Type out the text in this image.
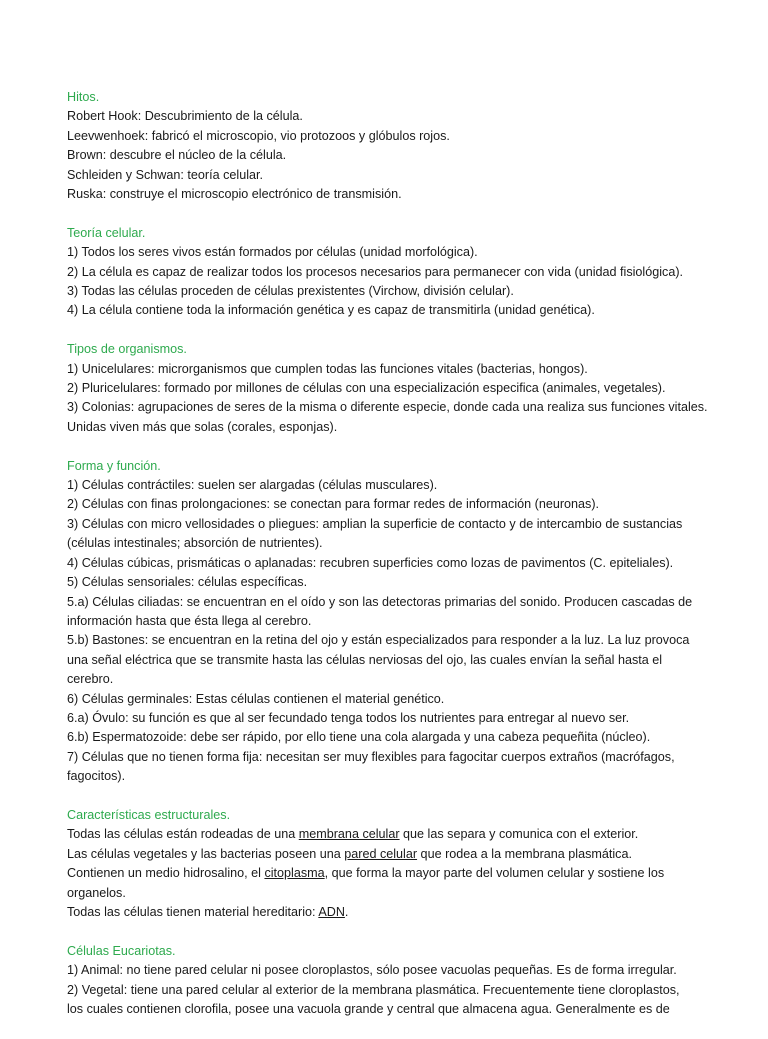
Hitos.

Robert Hook: Descubrimiento de la célula.

Leevwenhoek: fabricó el microscopio, vio protozoos y glóbulos rojos.

Brown: descubre el núcleo de la célula.

Schleiden y Schwan: teoría celular.

Ruska: construye el microscopio electrónico de transmisión.

Teoría celular.

1) Todos los seres vivos están formados por células (unidad morfológica).

2) La célula es capaz de realizar todos los procesos necesarios para permanecer con vida (unidad fisiológica).

3) Todas las células proceden de células prexistentes (Virchow, división celular).

4) La célula contiene toda la información genética y es capaz de transmitirla (unidad genética).

Tipos de organismos.

1) Unicelulares: microrganismos que cumplen todas las funciones vitales (bacterias, hongos).

2) Pluricelulares: formado por millones de células con una especialización especifica (animales, vegetales).

3) Colonias: agrupaciones de seres de la misma o diferente especie, donde cada una realiza sus funciones vitales.

Unidas viven más que solas (corales, esponjas).

Forma y función.

1) Células contráctiles: suelen ser alargadas (células musculares).

2) Células con finas prolongaciones: se conectan para formar redes de información (neuronas).

3) Células con micro vellosidades o pliegues: amplian la superficie de contacto y de intercambio de sustancias

(células intestinales; absorción de nutrientes).

4) Células cúbicas, prismáticas o aplanadas: recubren superficies como lozas de pavimentos (C. epiteliales).

5) Células sensoriales: células específicas.

5.a) Células ciliadas: se encuentran en el oído y son las detectoras primarias del sonido. Producen cascadas de

información hasta que ésta llega al cerebro.

5.b) Bastones: se encuentran en la retina del ojo y están especializados para responder a la luz. La luz provoca

una señal eléctrica que se transmite hasta las células nerviosas del ojo, las cuales envían la señal hasta el

cerebro.

6) Células germinales: Estas células contienen el material genético.

6.a) Óvulo: su función es que al ser fecundado tenga todos los nutrientes para entregar al nuevo ser.

6.b) Espermatozoide: debe ser rápido, por ello tiene una cola alargada y una cabeza pequeñita (núcleo).

7) Células que no tienen forma fija: necesitan ser muy flexibles para fagocitar cuerpos extraños (macrófagos,

fagocitos).

Características estructurales.

Todas las células están rodeadas de una membrana celular que las separa y comunica con el exterior.

Las células vegetales y las bacterias poseen una pared celular que rodea a la membrana plasmática.

Contienen un medio hidrosalino, el citoplasma, que forma la mayor parte del volumen celular y sostiene los

organelos.

Todas las células tienen material hereditario: ADN.

Células Eucariotas.

1) Animal: no tiene pared celular ni posee cloroplastos, sólo posee vacuolas pequeñas. Es de forma irregular.

2) Vegetal: tiene una pared celular al exterior de la membrana plasmática. Frecuentemente tiene cloroplastos,

los cuales contienen clorofila, posee una vacuola grande y central que almacena agua. Generalmente es de
